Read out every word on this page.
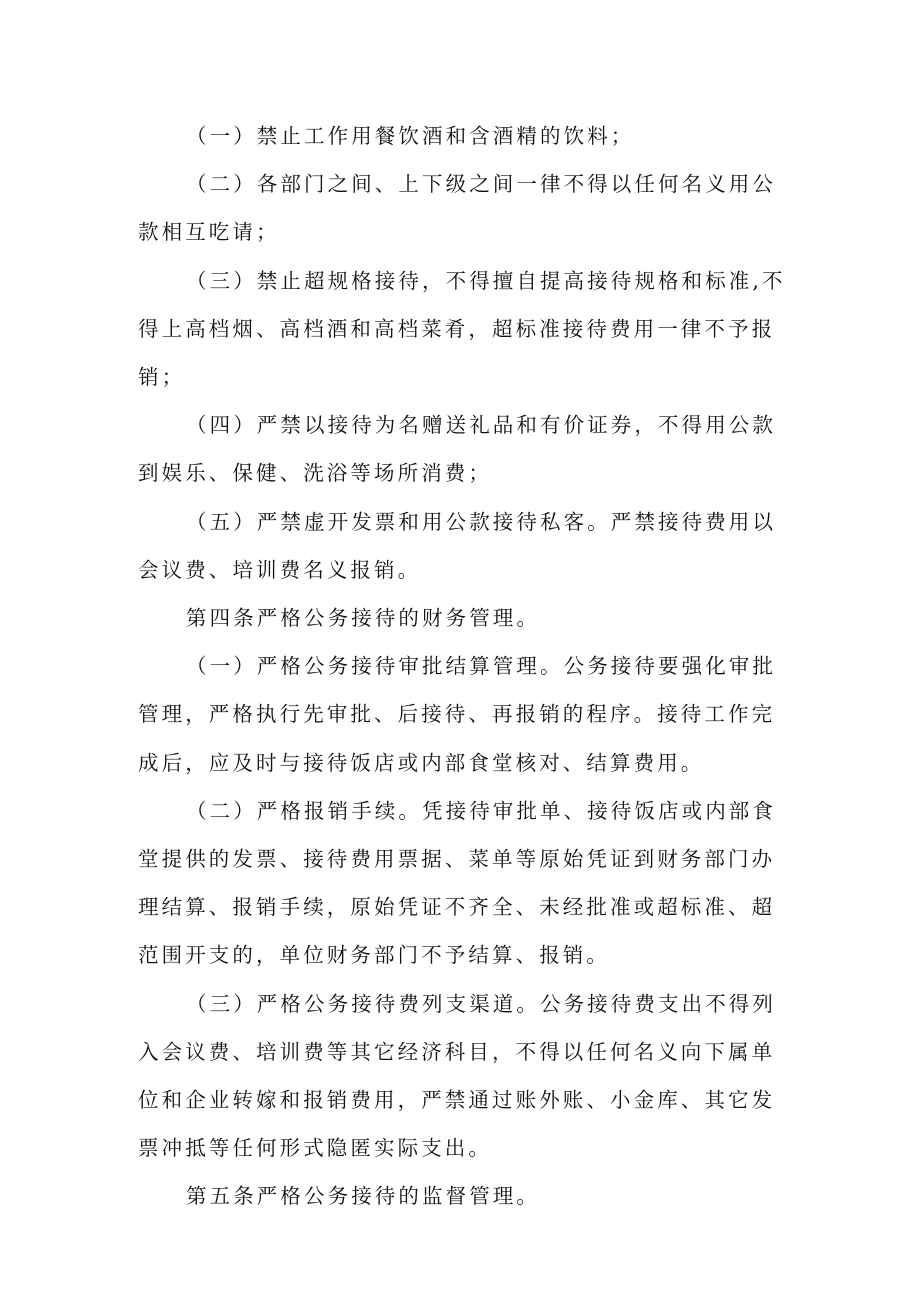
（一）禁止工作用餐饮酒和含酒精的饮料；

（二）各部门之间、上下级之间一律不得以任何名义用公款相互吃请；

（三）禁止超规格接待，不得擅自提高接待规格和标准,不得上高档烟、高档酒和高档菜肴，超标准接待费用一律不予报销；

（四）严禁以接待为名赠送礼品和有价证券，不得用公款到娱乐、保健、洗浴等场所消费；

（五）严禁虚开发票和用公款接待私客。严禁接待费用以会议费、培训费名义报销。

第四条严格公务接待的财务管理。

（一）严格公务接待审批结算管理。公务接待要强化审批管理，严格执行先审批、后接待、再报销的程序。接待工作完成后，应及时与接待饭店或内部食堂核对、结算费用。

（二）严格报销手续。凭接待审批单、接待饭店或内部食堂提供的发票、接待费用票据、菜单等原始凭证到财务部门办理结算、报销手续，原始凭证不齐全、未经批准或超标准、超范围开支的，单位财务部门不予结算、报销。

（三）严格公务接待费列支渠道。公务接待费支出不得列入会议费、培训费等其它经济科目，不得以任何名义向下属单位和企业转嫁和报销费用，严禁通过账外账、小金库、其它发票冲抵等任何形式隐匿实际支出。

第五条严格公务接待的监督管理。
